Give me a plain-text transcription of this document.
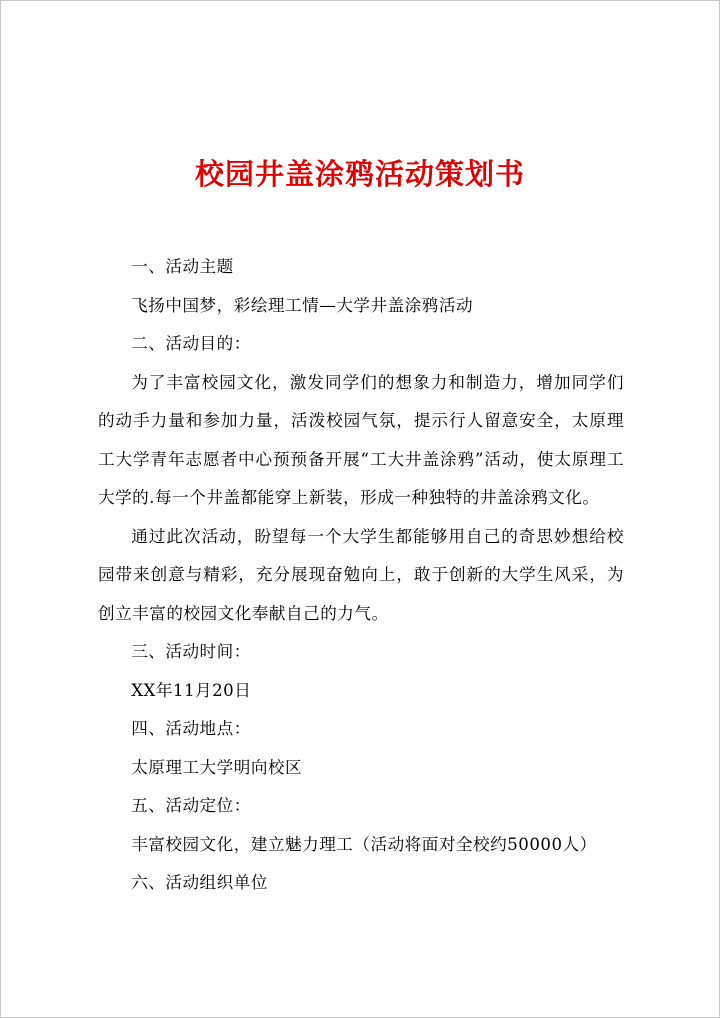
校园井盖涂鸦活动策划书

一、活动主题

飞扬中国梦，彩绘理工情—大学井盖涂鸦活动

二、活动目的：

为了丰富校园文化，激发同学们的想象力和制造力，增加同学们的动手力量和参加力量，活泼校园气氛，提示行人留意安全，太原理工大学青年志愿者中心预预备开展“工大井盖涂鸦”活动，使太原理工大学的.每一个井盖都能穿上新装，形成一种独特的井盖涂鸦文化。

通过此次活动，盼望每一个大学生都能够用自己的奇思妙想给校园带来创意与精彩，充分展现奋勉向上，敢于创新的大学生风采，为创立丰富的校园文化奉献自己的力气。

三、活动时间：

XX年11月20日

四、活动地点：

太原理工大学明向校区

五、活动定位：

丰富校园文化，建立魅力理工（活动将面对全校约50000人）

六、活动组织单位
